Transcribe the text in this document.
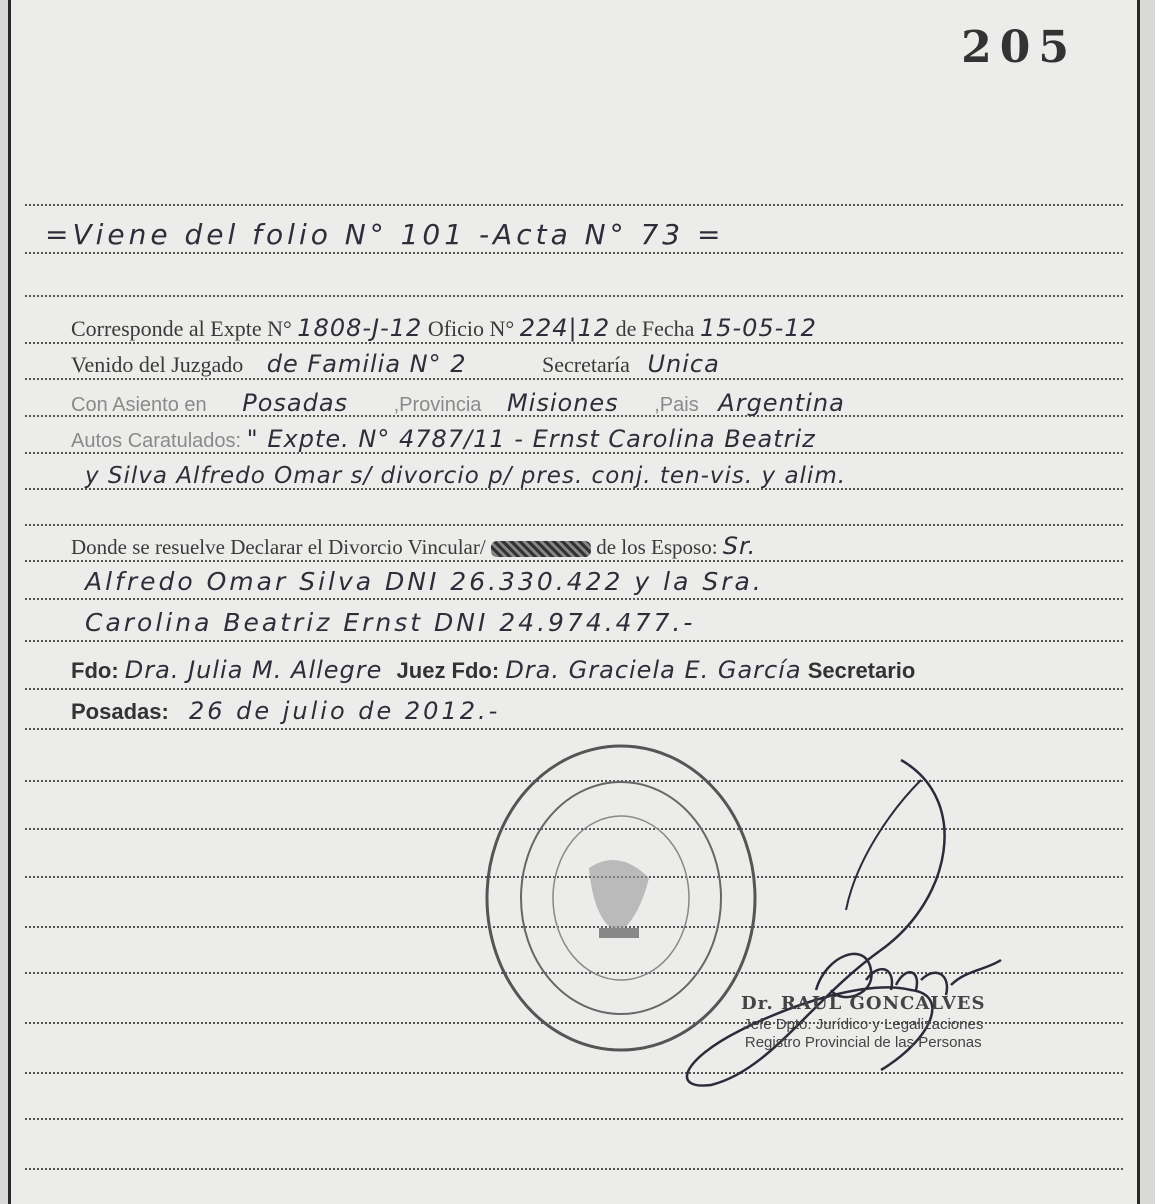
205
=Viene del folio N° 101 -Acta N° 73 =
Corresponde al Expte N° 1808-J-12 Oficio N° 224|12 de Fecha 15-05-12
Venido del Juzgado de Familia N° 2	Secretaría Unica
Con Asiento en Posadas ,Provincia Misiones ,Pais Argentina
Autos Caratulados: " Expte. N° 4787/11 - Ernst Carolina Beatriz
y Silva Alfredo Omar s/ divorcio p/ pres. conj. ten-vis. y alim.
Donde se resuelve Declarar el Divorcio Vincular/	de los Esposo: Sr.
Alfredo Omar Silva DNI 26.330.422 y la Sra.
Carolina Beatriz Ernst DNI 24.974.477.-
Fdo: Dra. Julia M. Allegre Juez Fdo: Dra. Graciela E. García Secretario
Posadas: 26 de julio de 2012.-
Dr. RAUL GONCALVES
Jefe Dpto. Jurídico y Legalizaciones
Registro Provincial de las Personas
